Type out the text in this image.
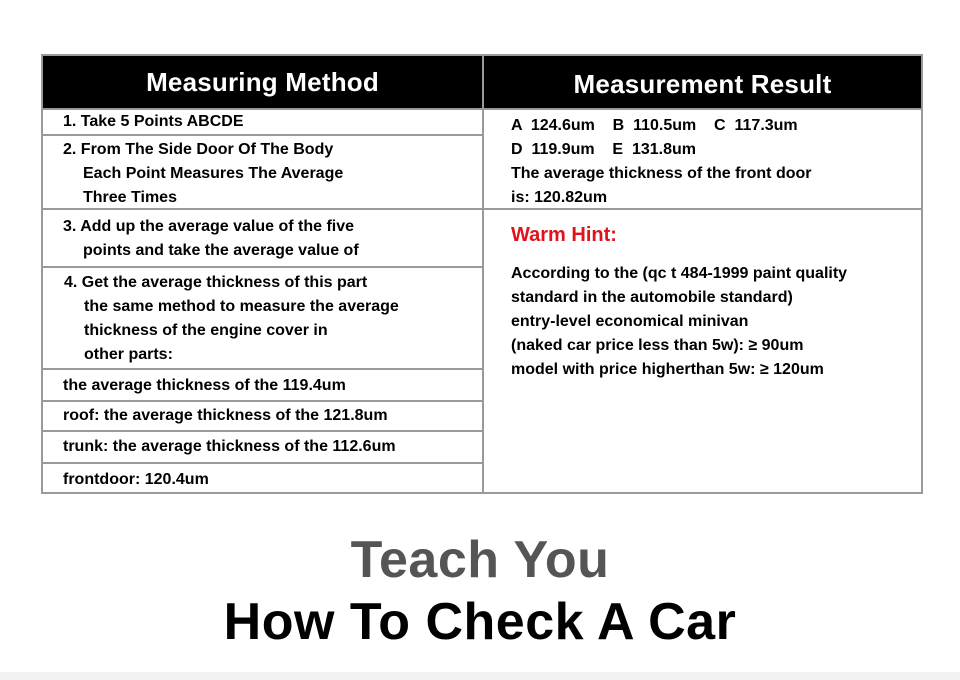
Measuring Method
1. Take 5 Points ABCDE
2. From The Side Door Of The Body
Each Point Measures The Average
Three Times
3. Add up the average value of the five
points and take the average value of
4. Get the average thickness of this part
the same method to measure the average
thickness of the engine cover in
other parts:
the average thickness of the 119.4um
roof: the average thickness of the 121.8um
trunk: the average thickness of the 112.6um
frontdoor: 120.4um
Measurement Result
A  124.6um    B  110.5um    C  117.3um
D  119.9um    E  131.8um
The average thickness of the front door
is: 120.82um
Warm Hint:
According to the (qc t 484-1999 paint quality
standard in the automobile standard)
entry-level economical minivan
(naked car price less than 5w): ≥ 90um
model with price higherthan 5w: ≥ 120um
Teach You
How To Check A Car
